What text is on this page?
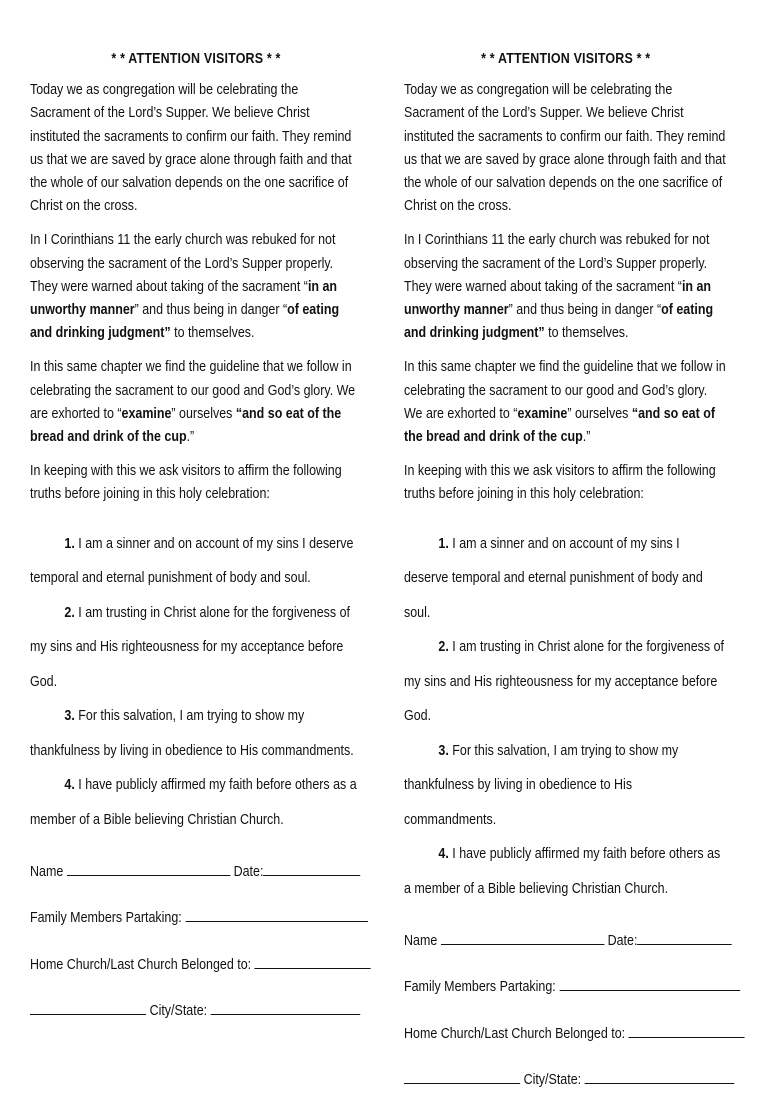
* * ATTENTION VISITORS * *

Today we as congregation will be celebrating the Sacrament of the Lord’s Supper. We believe Christ instituted the sacraments to confirm our faith. They remind us that we are saved by grace alone through faith and that the whole of our salvation depends on the one sacrifice of Christ on the cross.

In I Corinthians 11 the early church was rebuked for not observing the sacrament of the Lord’s Supper properly. They were warned about taking of the sacrament “in an unworthy manner” and thus being in danger “of eating and drinking judgment” to themselves.

In this same chapter we find the guideline that we follow in celebrating the sacrament to our good and God’s glory. We are exhorted to “examine” ourselves “and so eat of the bread and drink of the cup.”

In keeping with this we ask visitors to affirm the following truths before joining in this holy celebration:

1. I am a sinner and on account of my sins I deserve temporal and eternal punishment of body and soul.

2. I am trusting in Christ alone for the forgiveness of my sins and His righteousness for my acceptance before God.

3. For this salvation, I am trying to show my thankfulness by living in obedience to His commandments.

4. I have publicly affirmed my faith before others as a member of a Bible believing Christian Church.

Name	Date:
Family Members Partaking:
Home Church/Last Church Belonged to:
City/State:
* * ATTENTION VISITORS * *

Today we as congregation will be celebrating the Sacrament of the Lord’s Supper. We believe Christ instituted the sacraments to confirm our faith. They remind us that we are saved by grace alone through faith and that the whole of our salvation depends on the one sacrifice of Christ on the cross.

In I Corinthians 11 the early church was rebuked for not observing the sacrament of the Lord’s Supper properly. They were warned about taking of the sacrament “in an unworthy manner” and thus being in danger “of eating and drinking judgment” to themselves.

In this same chapter we find the guideline that we follow in celebrating the sacrament to our good and God’s glory. We are exhorted to “examine” ourselves “and so eat of the bread and drink of the cup.”

In keeping with this we ask visitors to affirm the following truths before joining in this holy celebration:

1. I am a sinner and on account of my sins I deserve temporal and eternal punishment of body and soul.

2. I am trusting in Christ alone for the forgiveness of my sins and His righteousness for my acceptance before God.

3. For this salvation, I am trying to show my thankfulness by living in obedience to His commandments.

4. I have publicly affirmed my faith before others as a member of a Bible believing Christian Church.

Name	Date:
Family Members Partaking:
Home Church/Last Church Belonged to:
City/State:
